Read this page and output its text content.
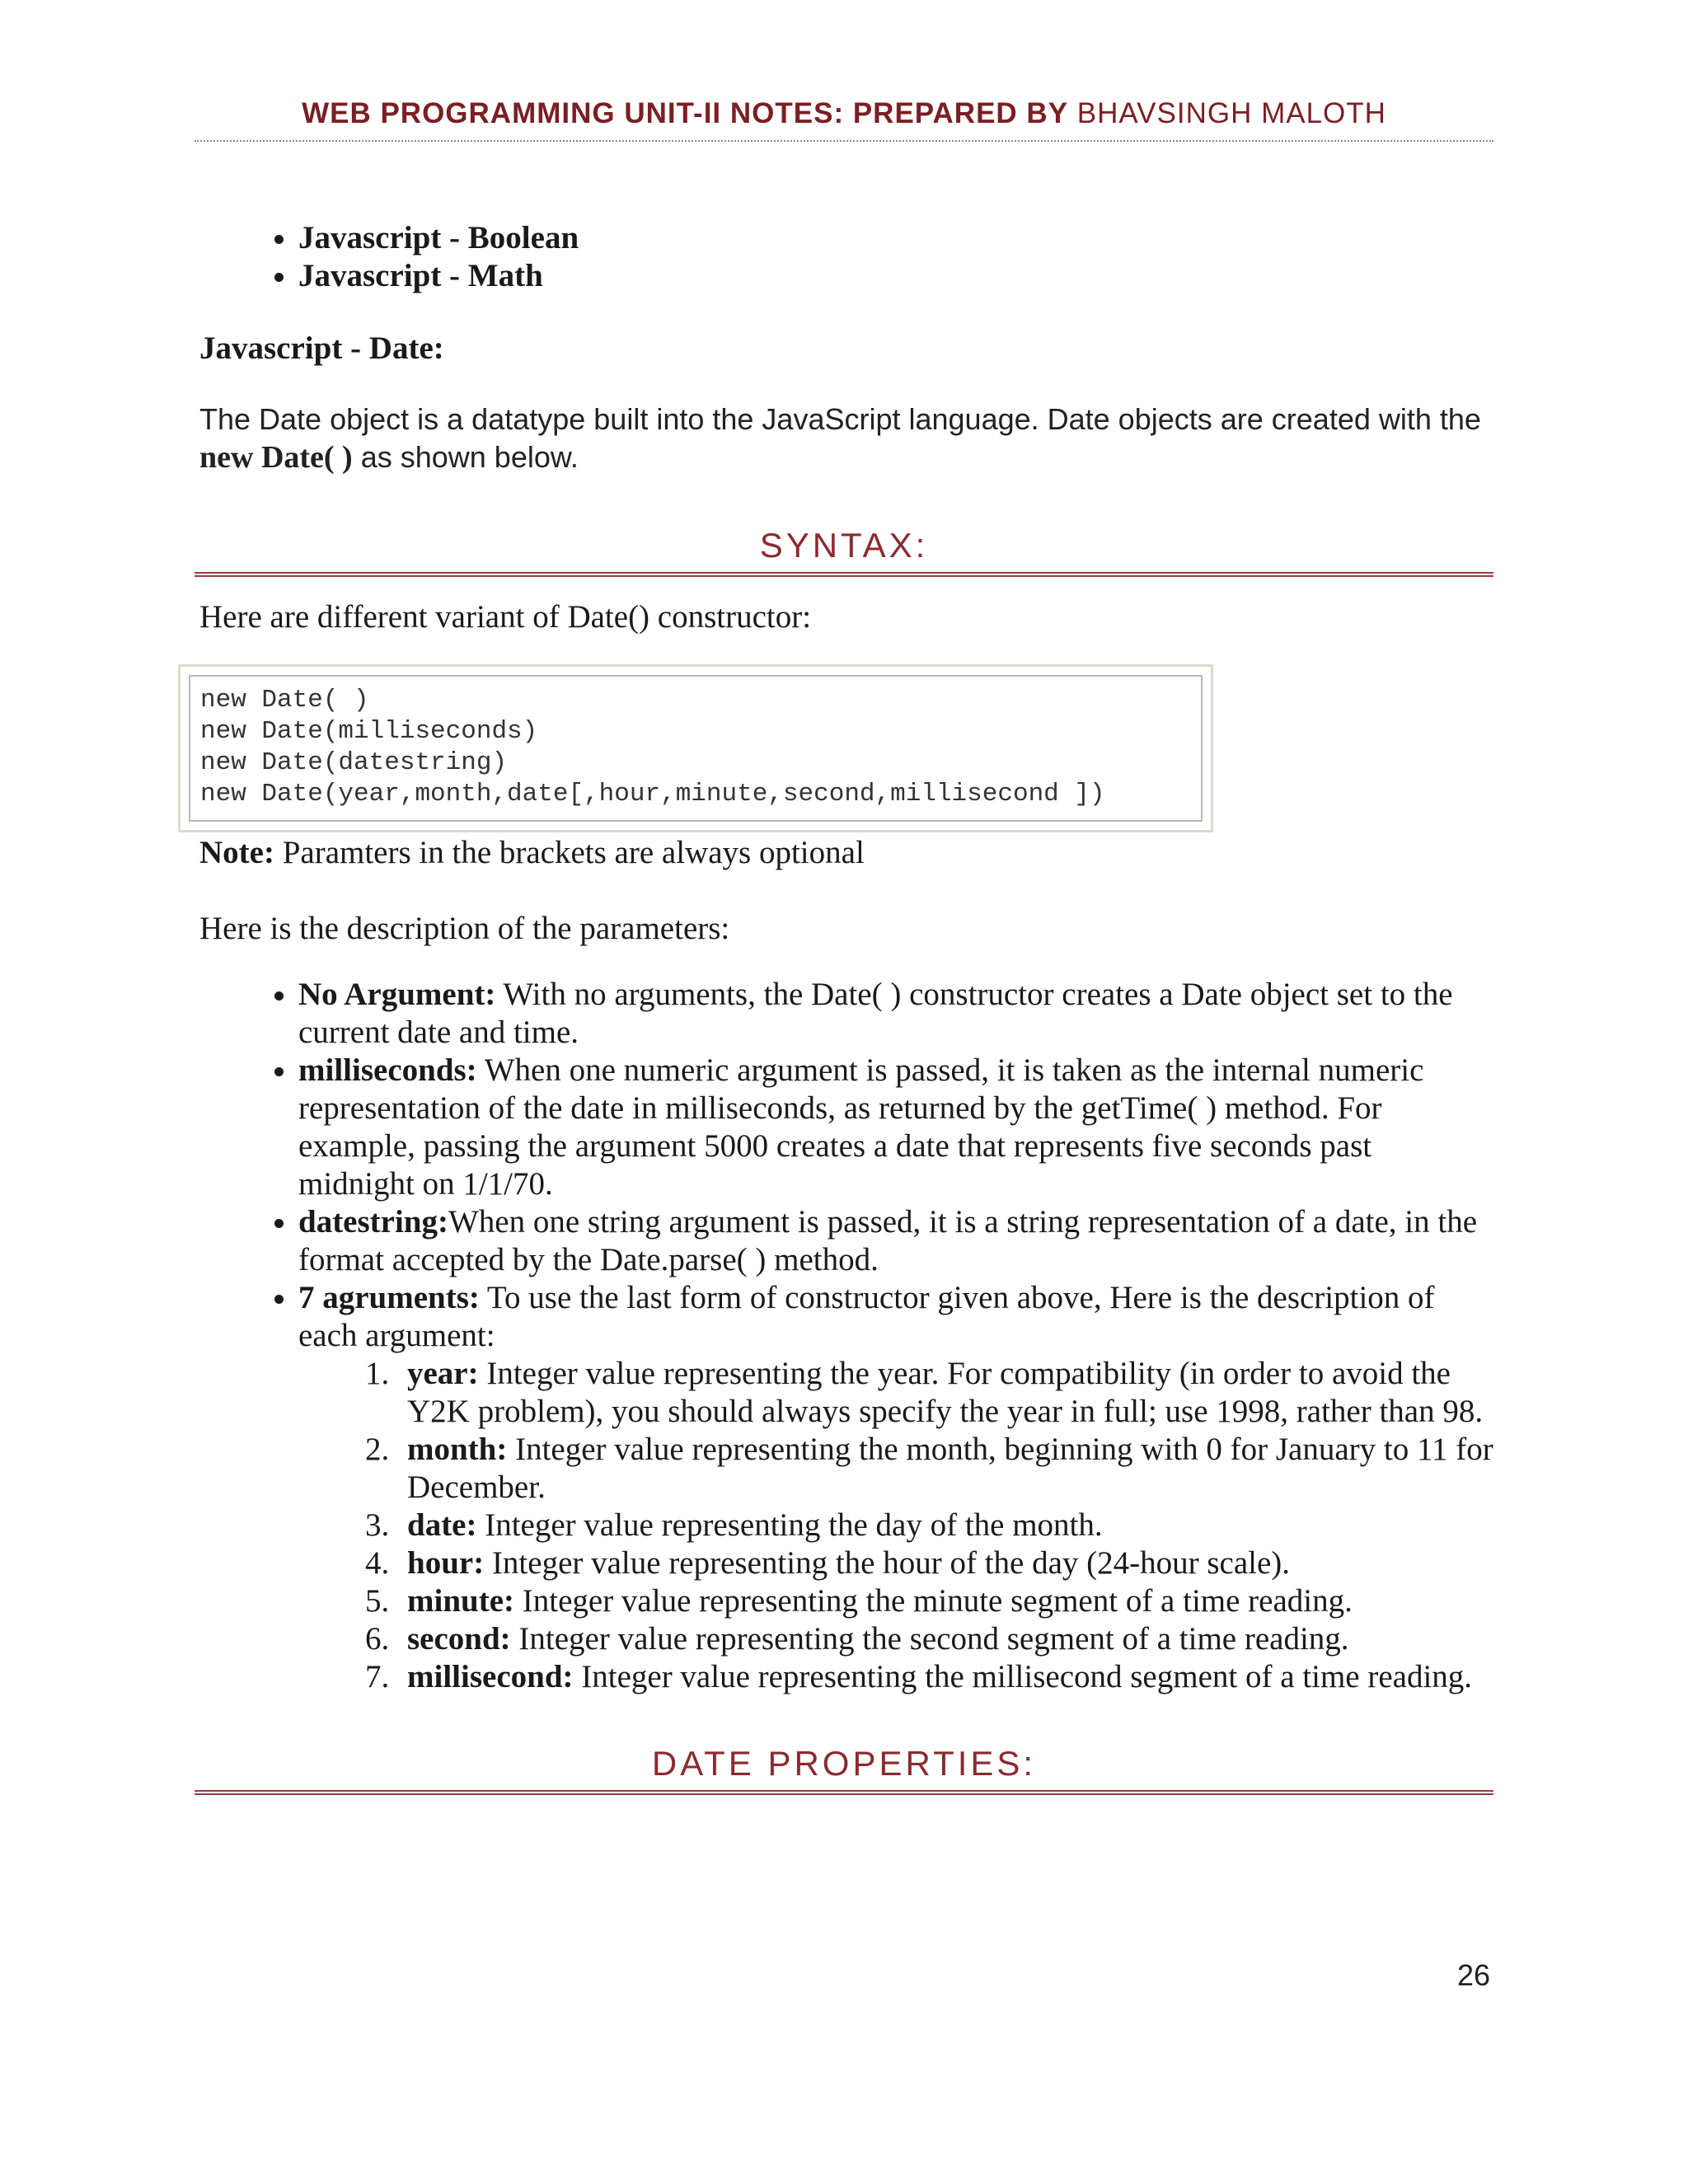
WEB PROGRAMMING UNIT-II NOTES: PREPARED BY BHAVSINGH MALOTH
• Javascript - Boolean
• Javascript - Math
Javascript - Date:
The Date object is a datatype built into the JavaScript language. Date objects are created with the
new Date( ) as shown below.
SYNTAX:
Here are different variant of Date() constructor:
new Date( )
new Date(milliseconds)
new Date(datestring)
new Date(year,month,date[,hour,minute,second,millisecond ])
Note: Paramters in the brackets are always optional
Here is the description of the parameters:
• No Argument: With no arguments, the Date( ) constructor creates a Date object set to the current date and time.
• milliseconds: When one numeric argument is passed, it is taken as the internal numeric representation of the date in milliseconds, as returned by the getTime( ) method. For example, passing the argument 5000 creates a date that represents five seconds past midnight on 1/1/70.
• datestring:When one string argument is passed, it is a string representation of a date, in the format accepted by the Date.parse( ) method.
• 7 agruments: To use the last form of constructor given above, Here is the description of each argument:
1. year: Integer value representing the year. For compatibility (in order to avoid the Y2K problem), you should always specify the year in full; use 1998, rather than 98.
2. month: Integer value representing the month, beginning with 0 for January to 11 for December.
3. date: Integer value representing the day of the month.
4. hour: Integer value representing the hour of the day (24-hour scale).
5. minute: Integer value representing the minute segment of a time reading.
6. second: Integer value representing the second segment of a time reading.
7. millisecond: Integer value representing the millisecond segment of a time reading.
DATE PROPERTIES:
26
